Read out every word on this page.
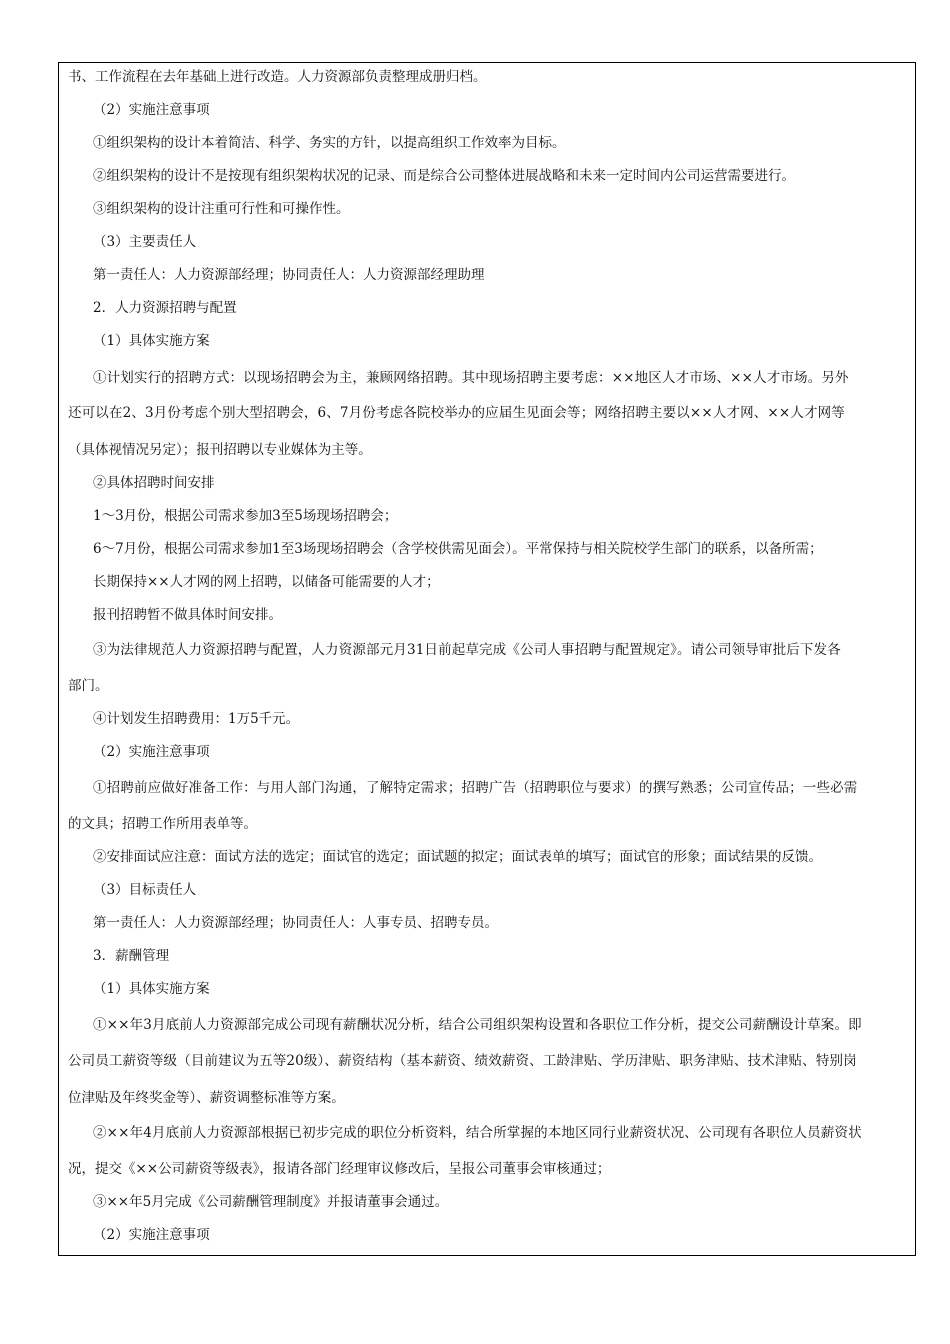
书、工作流程在去年基础上进行改造。人力资源部负责整理成册归档。
（2）实施注意事项
①组织架构的设计本着简洁、科学、务实的方针，以提高组织工作效率为目标。
②组织架构的设计不是按现有组织架构状况的记录、而是综合公司整体进展战略和未来一定时间内公司运营需要进行。
③组织架构的设计注重可行性和可操作性。
（3）主要责任人
第一责任人：人力资源部经理；协同责任人：人力资源部经理助理
2．人力资源招聘与配置
（1）具体实施方案
①计划实行的招聘方式：以现场招聘会为主，兼顾网络招聘。其中现场招聘主要考虑：××地区人才市场、××人才市场。另外
还可以在2、3月份考虑个别大型招聘会，6、7月份考虑各院校举办的应届生见面会等；网络招聘主要以××人才网、××人才网等
（具体视情况另定）；报刊招聘以专业媒体为主等。
②具体招聘时间安排
1～3月份，根据公司需求参加3至5场现场招聘会；
6～7月份，根据公司需求参加1至3场现场招聘会（含学校供需见面会）。平常保持与相关院校学生部门的联系，以备所需；
长期保持××人才网的网上招聘，以储备可能需要的人才；
报刊招聘暂不做具体时间安排。
③为法律规范人力资源招聘与配置，人力资源部元月31日前起草完成《公司人事招聘与配置规定》。请公司领导审批后下发各
部门。
④计划发生招聘费用：1万5千元。
（2）实施注意事项
①招聘前应做好准备工作：与用人部门沟通，了解特定需求；招聘广告（招聘职位与要求）的撰写熟悉；公司宣传品；一些必需
的文具；招聘工作所用表单等。
②安排面试应注意：面试方法的选定；面试官的选定；面试题的拟定；面试表单的填写；面试官的形象；面试结果的反馈。
（3）目标责任人
第一责任人：人力资源部经理；协同责任人：人事专员、招聘专员。
3．薪酬管理
（1）具体实施方案
①××年3月底前人力资源部完成公司现有薪酬状况分析，结合公司组织架构设置和各职位工作分析，提交公司薪酬设计草案。即
公司员工薪资等级（目前建议为五等20级）、薪资结构（基本薪资、绩效薪资、工龄津贴、学历津贴、职务津贴、技术津贴、特别岗
位津贴及年终奖金等）、薪资调整标准等方案。
②××年4月底前人力资源部根据已初步完成的职位分析资料，结合所掌握的本地区同行业薪资状况、公司现有各职位人员薪资状
况，提交《××公司薪资等级表》，报请各部门经理审议修改后，呈报公司董事会审核通过；
③××年5月完成《公司薪酬管理制度》并报请董事会通过。
（2）实施注意事项
